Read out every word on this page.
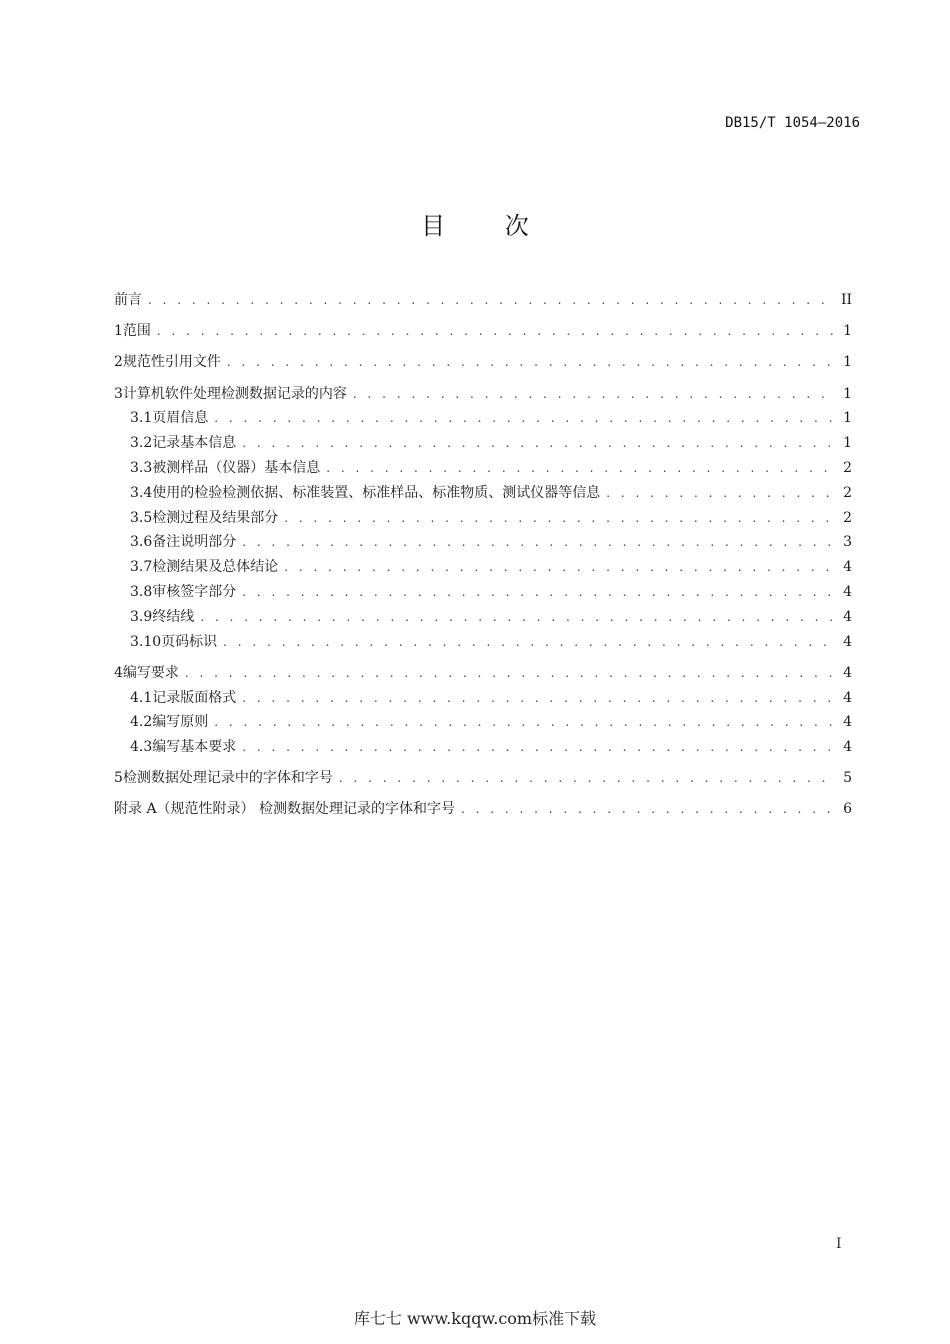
DB15/T 1054—2016
目 次
前言 . . .	II
1 范围 . . .	1
2 规范性引用文件 . . .	1
3 计算机软件处理检测数据记录的内容 . . .	1
3.1 页眉信息 . . .	1
3.2 记录基本信息 . . .	1
3.3 被测样品（仪器）基本信息 . . .	2
3.4 使用的检验检测依据、标准装置、标准样品、标准物质、测试仪器等信息 . . .	2
3.5 检测过程及结果部分 . . .	2
3.6 备注说明部分 . . .	3
3.7 检测结果及总体结论 . . .	4
3.8 审核签字部分 . . .	4
3.9 终结线 . . .	4
3.10 页码标识 . . .	4
4 编写要求 . . .	4
4.1 记录版面格式 . . .	4
4.2 编写原则 . . .	4
4.3 编写基本要求 . . .	4
5 检测数据处理记录中的字体和字号 . . .	5
附录 A（规范性附录） 检测数据处理记录的字体和字号 . . .	6
I
库七七 www.kqqw.com标准下载
